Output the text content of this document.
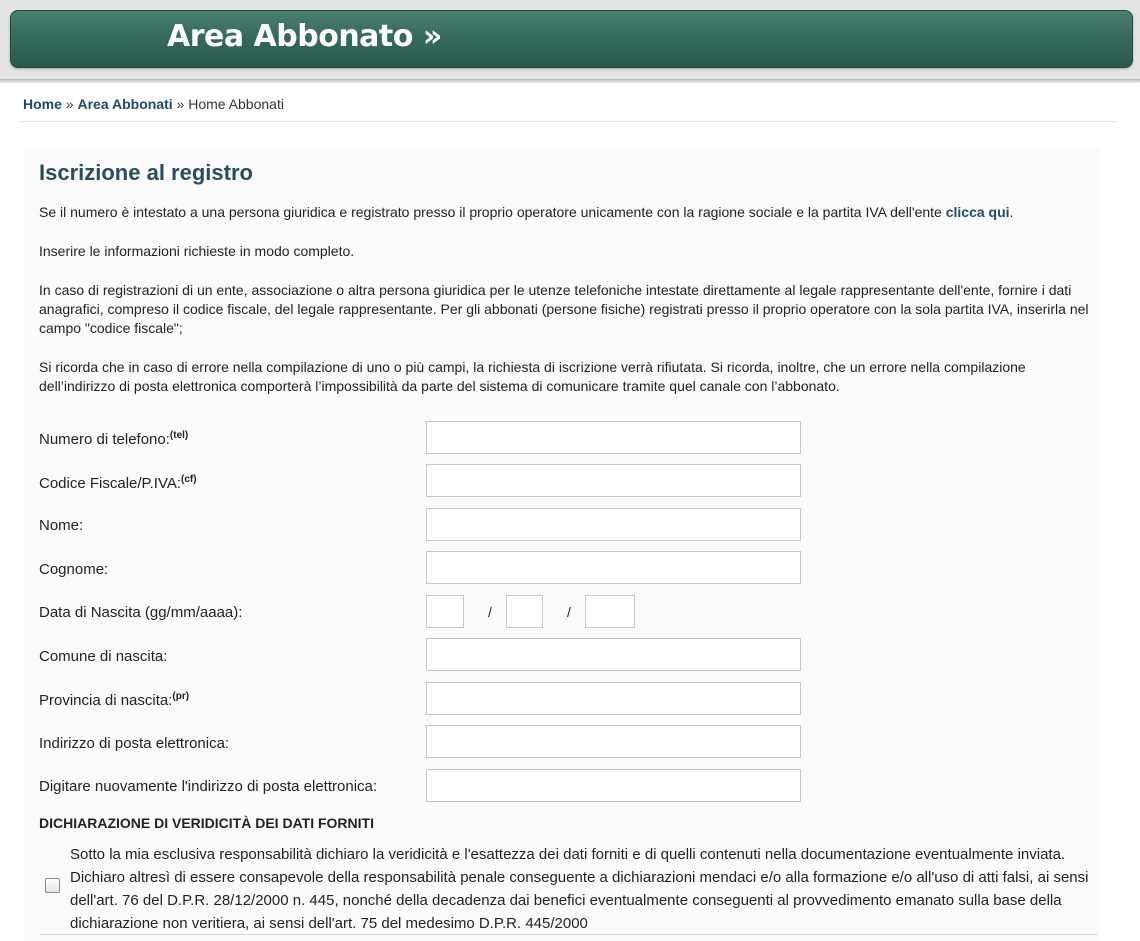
Area Abbonato »
Home » Area Abbonati » Home Abbonati
Iscrizione al registro

Se il numero è intestato a una persona giuridica e registrato presso il proprio operatore unicamente con la ragione sociale e la partita IVA dell'ente clicca qui.

Inserire le informazioni richieste in modo completo.

In caso di registrazioni di un ente, associazione o altra persona giuridica per le utenze telefoniche intestate direttamente al legale rappresentante dell'ente, fornire i dati anagrafici, compreso il codice fiscale, del legale rappresentante. Per gli abbonati (persone fisiche) registrati presso il proprio operatore con la sola partita IVA, inserirla nel campo "codice fiscale";

Si ricorda che in caso di errore nella compilazione di uno o più campi, la richiesta di iscrizione verrà rifiutata. Si ricorda, inoltre, che un errore nella compilazione dell’indirizzo di posta elettronica comporterà l’impossibilità da parte del sistema di comunicare tramite quel canale con l’abbonato.

Numero di telefono:$^{(tel)}$
Codice Fiscale/P.IVA:$^{(cf)}$
Nome:
Cognome:
Data di Nascita (gg/mm/aaaa):	/	/
Comune di nascita:
Provincia di nascita:$^{(pr)}$
Indirizzo di posta elettronica:
Digitare nuovamente l'indirizzo di posta elettronica:
DICHIARAZIONE DI VERIDICITÀ DEI DATI FORNITI
Sotto la mia esclusiva responsabilità dichiaro la veridicità e l'esattezza dei dati forniti e di quelli contenuti nella documentazione eventualmente inviata. Dichiaro altresì di essere consapevole della responsabilità penale conseguente a dichiarazioni mendaci e/o alla formazione e/o all'uso di atti falsi, ai sensi dell'art. 76 del D.P.R. 28/12/2000 n. 445, nonché della decadenza dai benefici eventualmente conseguenti al provvedimento emanato sulla base della dichiarazione non veritiera, ai sensi dell'art. 75 del medesimo D.P.R. 445/2000
